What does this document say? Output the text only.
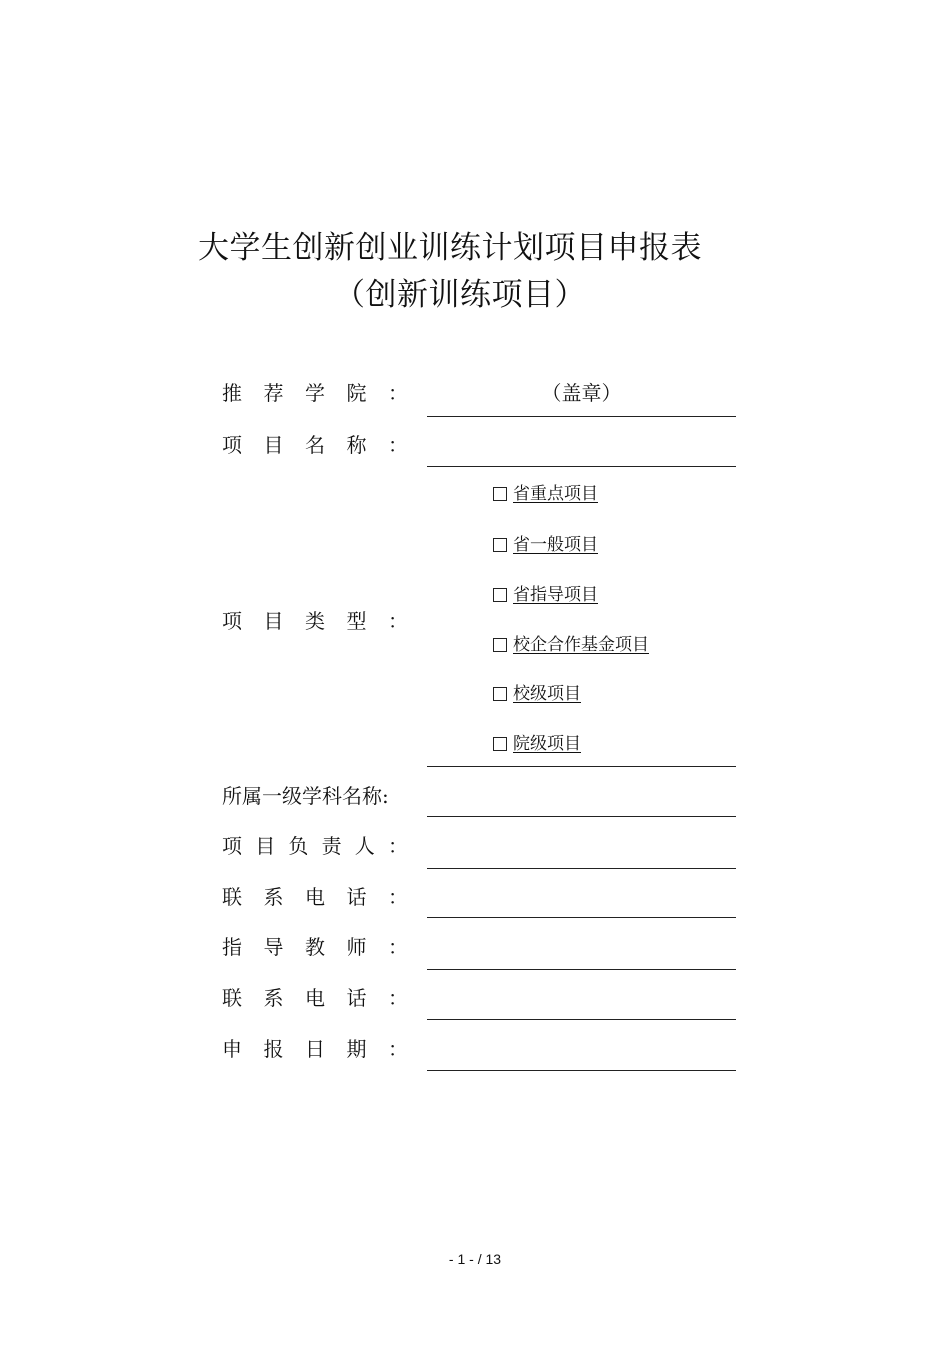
大学生创新创业训练计划项目申报表
（创新训练项目）
推 荐 学 院 ：	（盖章）
项 目 名 称 ：
省重点项目
省一般项目
省指导项目
项 目 类 型 ：
校企合作基金项目
校级项目
院级项目
所属一级学科名称:
项 目 负 责 人 ：
联 系 电 话 ：
指 导 教 师 ：
联 系 电 话 ：
申 报 日 期 ：
- 1 - / 13
